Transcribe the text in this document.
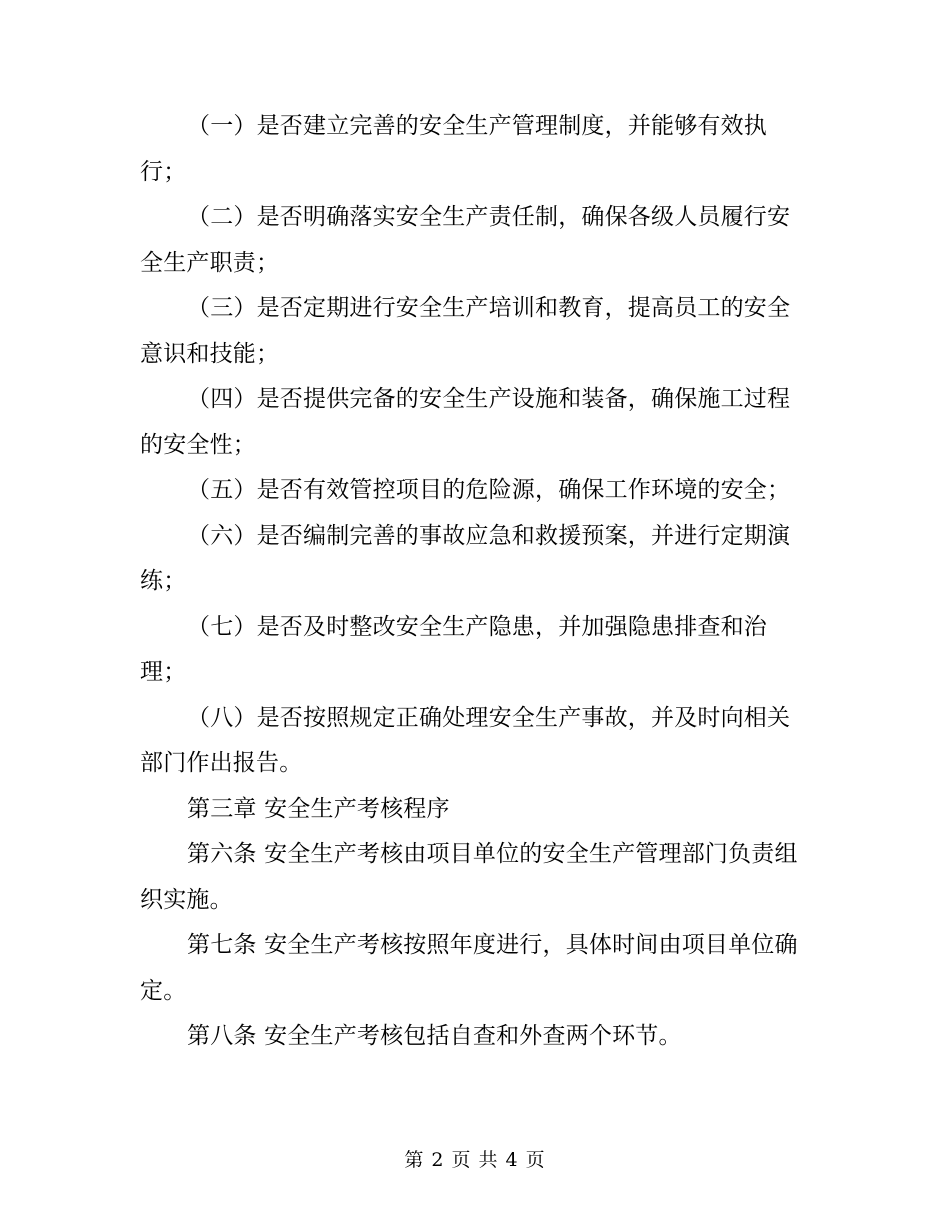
（一）是否建立完善的安全生产管理制度，并能够有效执行；

（二）是否明确落实安全生产责任制，确保各级人员履行安全生产职责；

（三）是否定期进行安全生产培训和教育，提高员工的安全意识和技能；

（四）是否提供完备的安全生产设施和装备，确保施工过程的安全性；

（五）是否有效管控项目的危险源，确保工作环境的安全；

（六）是否编制完善的事故应急和救援预案，并进行定期演练；

（七）是否及时整改安全生产隐患，并加强隐患排查和治理；

（八）是否按照规定正确处理安全生产事故，并及时向相关部门作出报告。

第三章 安全生产考核程序

第六条 安全生产考核由项目单位的安全生产管理部门负责组织实施。

第七条 安全生产考核按照年度进行，具体时间由项目单位确定。

第八条 安全生产考核包括自查和外查两个环节。

第 2 页 共 4 页
